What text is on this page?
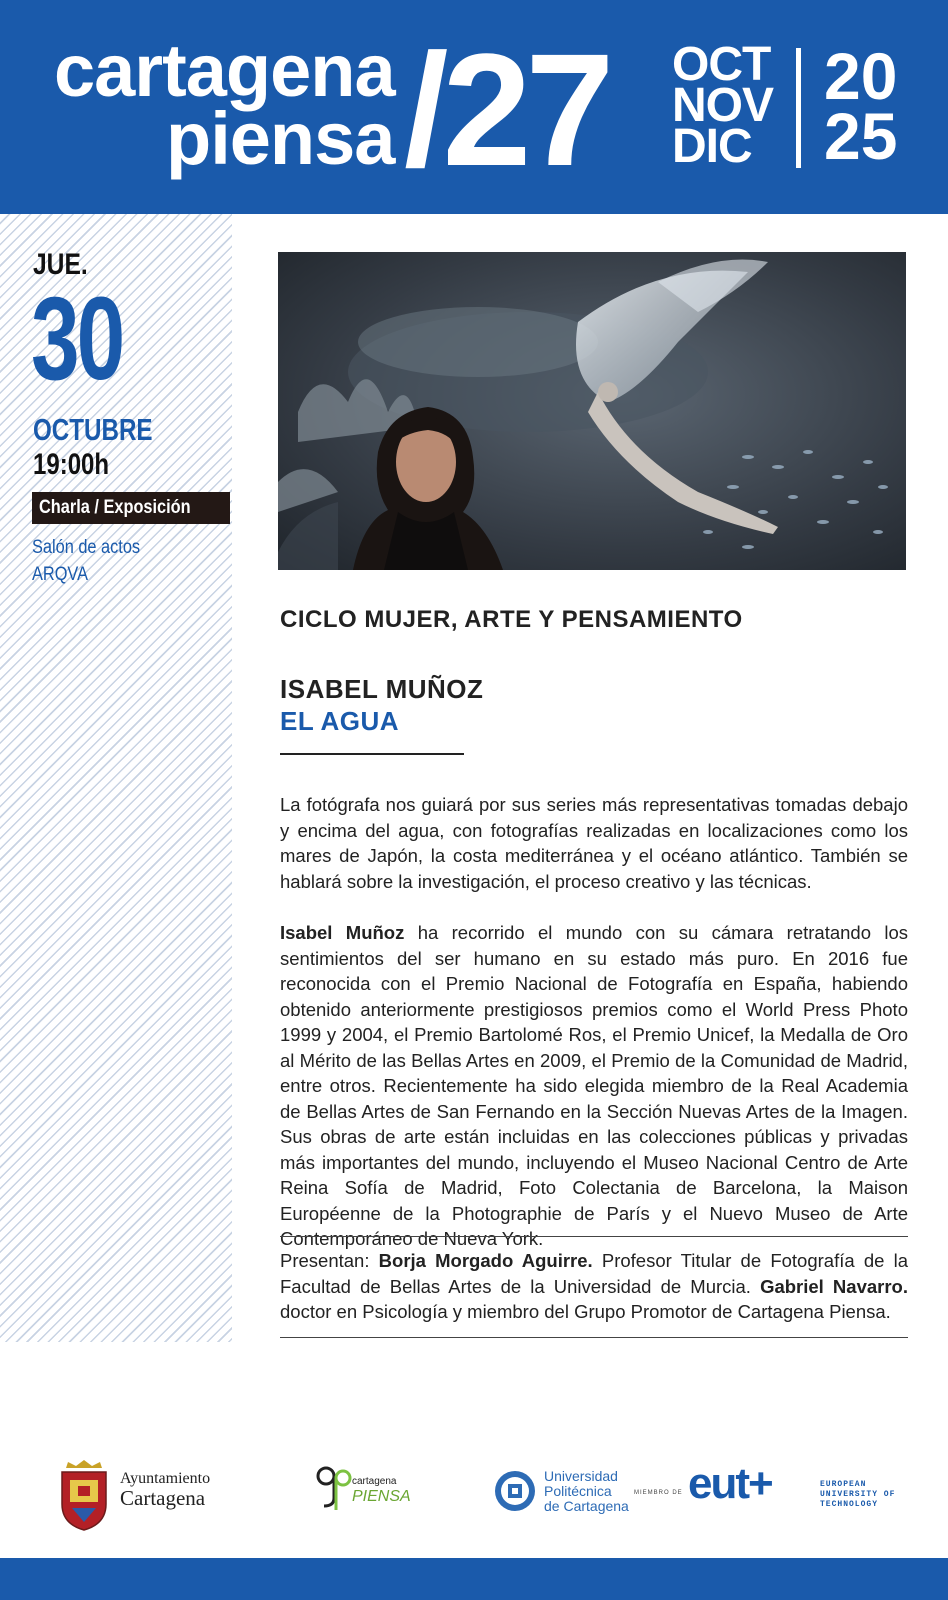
cartagena
piensa /27 OCT
NOV
DIC
20
25
JUE.
30
OCTUBRE
19:00h
Charla / Exposición
Salón de actos
ARQVA
CICLO MUJER, ARTE Y PENSAMIENTO
ISABEL MUÑOZ
EL AGUA
La fotógrafa nos guiará por sus series más representativas tomadas debajo y encima del agua, con fotografías realizadas en localizaciones como los mares de Japón, la costa mediterránea y el océano atlántico. También se hablará sobre la investigación, el proceso creativo y las técnicas.
Isabel Muñoz ha recorrido el mundo con su cámara retratando los sentimientos del ser humano en su estado más puro. En 2016 fue reconocida con el Premio Nacional de Fotografía en España, habiendo obtenido anteriormente prestigiosos premios como el World Press Photo 1999 y 2004, el Premio Bartolomé Ros, el Premio Unicef, la Medalla de Oro al Mérito de las Bellas Artes en 2009, el Premio de la Comunidad de Madrid, entre otros. Recientemente ha sido elegida miembro de la Real Academia de Bellas Artes de San Fernando en la Sección Nuevas Artes de la Imagen. Sus obras de arte están incluidas en las colecciones públicas y privadas más importantes del mundo, incluyendo el Museo Nacional Centro de Arte Reina Sofía de Madrid, Foto Colectania de Barcelona, la Maison Européenne de la Photographie de París y el Nuevo Museo de Arte Contemporáneo de Nueva York.
Presentan: Borja Morgado Aguirre. Profesor Titular de Fotografía de la Facultad de Bellas Artes de la Universidad de Murcia. Gabriel Navarro. doctor en Psicología y miembro del Grupo Promotor de Cartagena Piensa.
Ayuntamiento
Cartagena
cartagena
PIENSA
Universidad
Politécnica
de Cartagena
MIEMBRO DE eut+	EUROPEAN
UNIVERSITY OF
TECHNOLOGY
